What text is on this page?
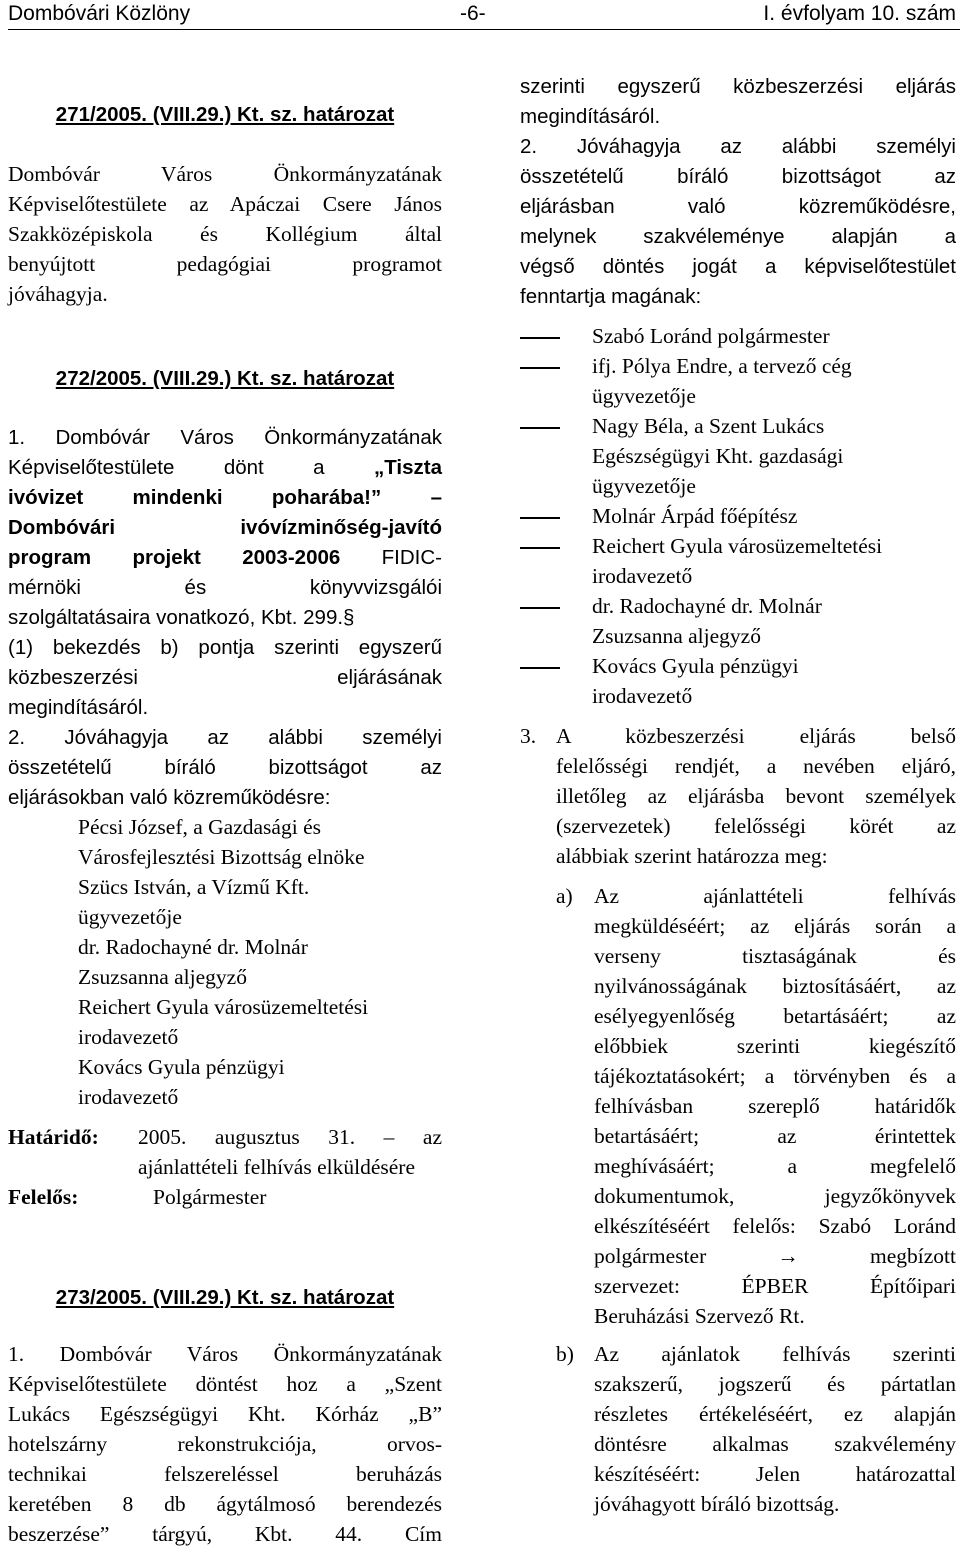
Dombóvári Közlöny	-6-	I. évfolyam 10. szám
271/2005. (VIII.29.) Kt. sz. határozat
Dombóvár Város Önkormányzatának
Képviselőtestülete az Apáczai Csere János
Szakközépiskola és Kollégium által
benyújtott pedagógiai programot
jóváhagyja.
272/2005. (VIII.29.) Kt. sz. határozat
1. Dombóvár Város Önkormányzatának
Képviselőtestülete dönt a „Tiszta
ivóvizet mindenki poharába!” –
Dombóvári ivóvízminőség-javító
program projekt 2003-2006 FIDIC-
mérnöki és könyvvizsgálói
szolgáltatásaira vonatkozó, Kbt. 299.§
(1) bekezdés b) pontja szerinti egyszerű
közbeszerzési eljárásának
megindításáról.
2. Jóváhagyja az alábbi személyi
összetételű bíráló bizottságot az
eljárásokban való közreműködésre:
Pécsi József, a Gazdasági és
Városfejlesztési Bizottság elnöke
Szücs István, a Vízmű Kft.
ügyvezetője
dr. Radochayné dr. Molnár
Zsuzsanna aljegyző
Reichert Gyula városüzemeltetési
irodavezető
Kovács Gyula pénzügyi
irodavezető
Határidő: 2005. augusztus 31. – az
ajánlattételi felhívás elküldésére
Felelős:	Polgármester
273/2005. (VIII.29.) Kt. sz. határozat
1. Dombóvár Város Önkormányzatának
Képviselőtestülete döntést hoz a „Szent
Lukács Egészségügyi Kht. Kórház „B”
hotelszárny rekonstrukciója, orvos-
technikai felszereléssel beruházás
keretében 8 db ágytálmosó berendezés
beszerzése” tárgyú, Kbt. 44. Cím
szerinti egyszerű közbeszerzési eljárás
megindításáról.
2. Jóváhagyja az alábbi személyi
összetételű bíráló bizottságot az
eljárásban való közreműködésre,
melynek szakvéleménye alapján a
végső döntés jogát a képviselőtestület
fenntartja magának:
Szabó Loránd polgármester
ifj. Pólya Endre, a tervező cég
ügyvezetője
Nagy Béla, a Szent Lukács
Egészségügyi Kht. gazdasági
ügyvezetője
Molnár Árpád főépítész
Reichert Gyula városüzemeltetési
irodavezető
dr. Radochayné dr. Molnár
Zsuzsanna aljegyző
Kovács Gyula pénzügyi
irodavezető
3. A közbeszerzési eljárás belső
felelősségi rendjét, a nevében eljáró,
illetőleg az eljárásba bevont személyek
(szervezetek) felelősségi körét az
alábbiak szerint határozza meg:
a) Az ajánlattételi felhívás
megküldéséért; az eljárás során a
verseny tisztaságának és
nyilvánosságának biztosításáért, az
esélyegyenlőség betartásáért; az
előbbiek szerinti kiegészítő
tájékoztatásokért; a törvényben és a
felhívásban szereplő határidők
betartásáért; az érintettek
meghívásáért; a megfelelő
dokumentumok, jegyzőkönyvek
elkészítéséért felelős: Szabó Loránd
polgármester → megbízott
szervezet: ÉPBER Építőipari
Beruházási Szervező Rt.
b) Az ajánlatok felhívás szerinti
szakszerű, jogszerű és pártatlan
részletes értékeléséért, ez alapján
döntésre alkalmas szakvélemény
készítéséért: Jelen határozattal
jóváhagyott bíráló bizottság.
